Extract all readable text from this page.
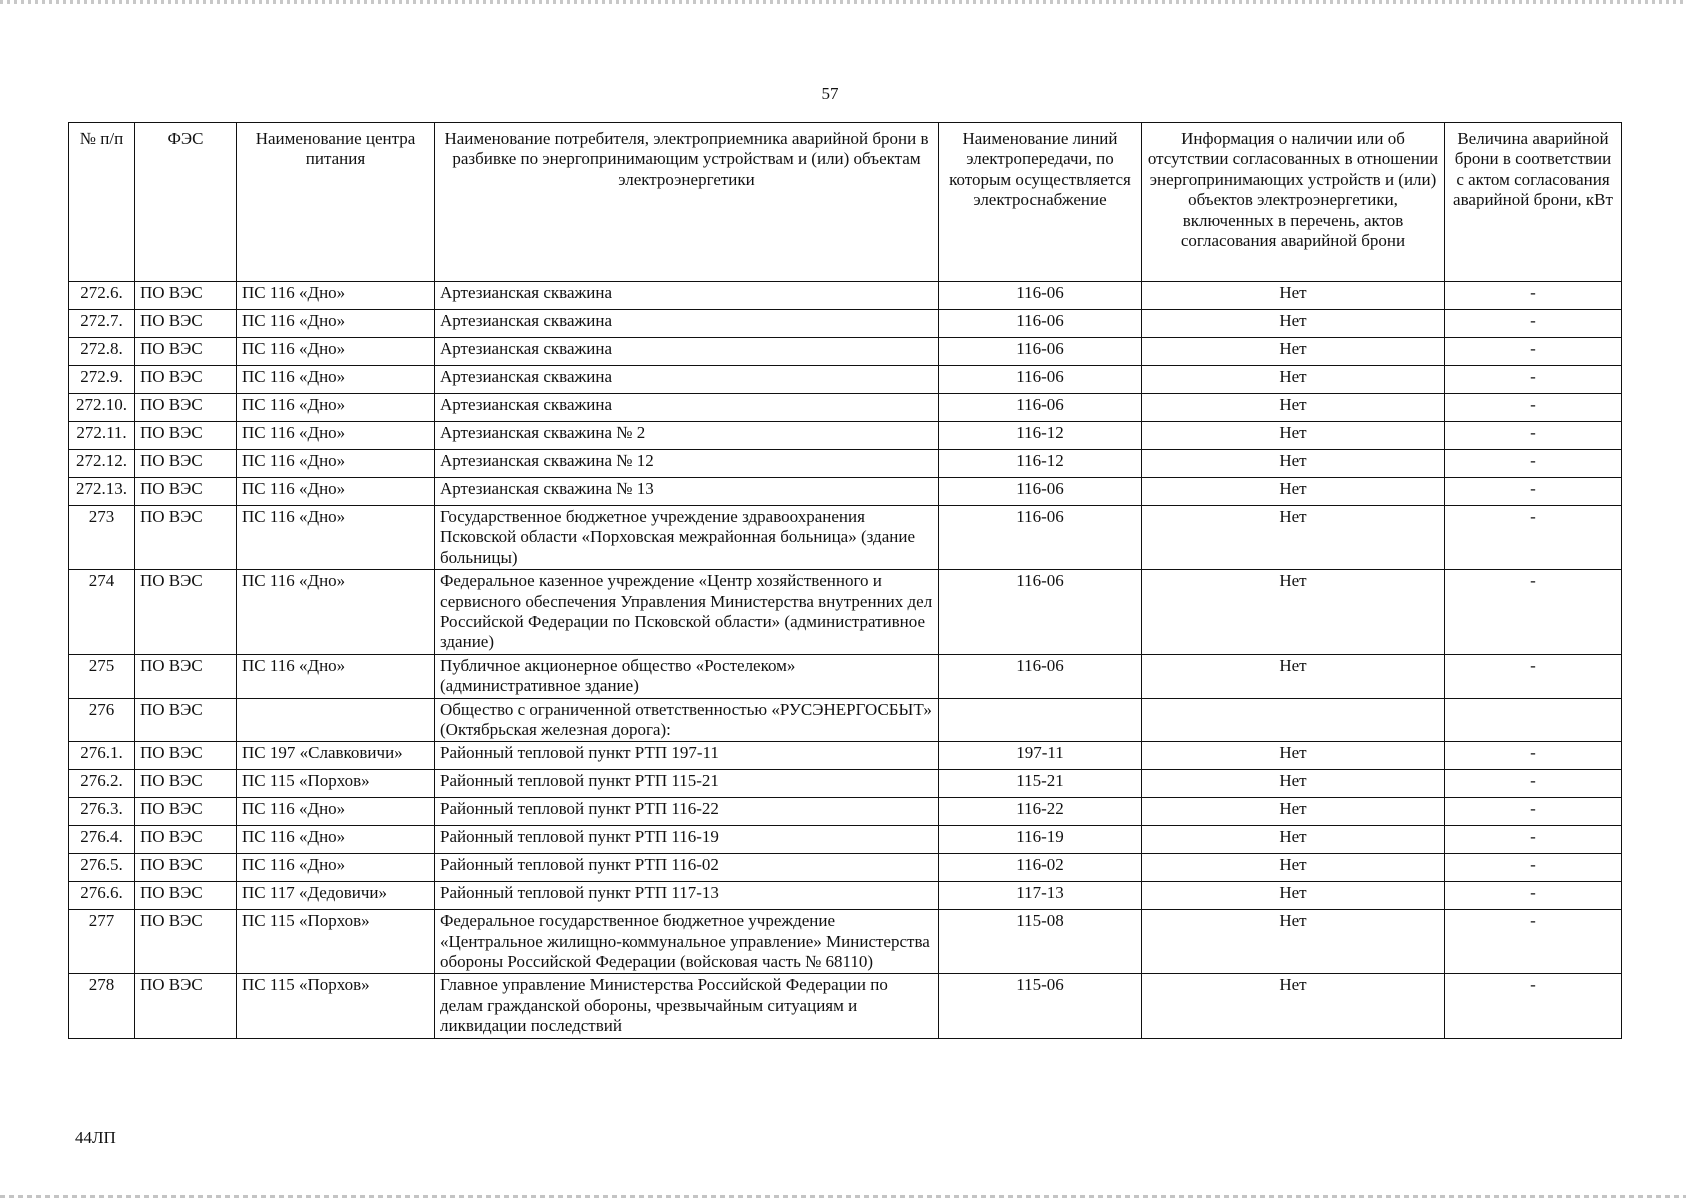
57
№ п/п	ФЭС	Наименование центра питания	Наименование потребителя, электроприемника аварийной брони в разбивке по энергопринимающим устройствам и (или) объектам электроэнергетики	Наименование линий электропередачи, по которым осуществляется электроснабжение	Информация о наличии или об отсутствии согласованных в отношении энергопринимающих устройств и (или) объектов электроэнергетики, включенных в перечень, актов согласования аварийной брони	Величина аварийной брони в соответствии с актом согласования аварийной брони, кВт
272.6.	ПО ВЭС	ПС 116 «Дно»	Артезианская скважина	116-06	Нет	-
272.7.	ПО ВЭС	ПС 116 «Дно»	Артезианская скважина	116-06	Нет	-
272.8.	ПО ВЭС	ПС 116 «Дно»	Артезианская скважина	116-06	Нет	-
272.9.	ПО ВЭС	ПС 116 «Дно»	Артезианская скважина	116-06	Нет	-
272.10.	ПО ВЭС	ПС 116 «Дно»	Артезианская скважина	116-06	Нет	-
272.11.	ПО ВЭС	ПС 116 «Дно»	Артезианская скважина № 2	116-12	Нет	-
272.12.	ПО ВЭС	ПС 116 «Дно»	Артезианская скважина № 12	116-12	Нет	-
272.13.	ПО ВЭС	ПС 116 «Дно»	Артезианская скважина № 13	116-06	Нет	-
273	ПО ВЭС	ПС 116 «Дно»	Государственное бюджетное учреждение здравоохранения Псковской области «Порховская межрайонная больница» (здание больницы)	116-06	Нет	-
274	ПО ВЭС	ПС 116 «Дно»	Федеральное казенное учреждение «Центр хозяйственного и сервисного обеспечения Управления Министерства внутренних дел Российской Федерации по Псковской области» (административное здание)	116-06	Нет	-
275	ПО ВЭС	ПС 116 «Дно»	Публичное акционерное общество «Ростелеком» (административное здание)	116-06	Нет	-
276	ПО ВЭС		Общество с ограниченной ответственностью «РУСЭНЕРГОСБЫТ» (Октябрьская железная дорога):			
276.1.	ПО ВЭС	ПС 197 «Славковичи»	Районный тепловой пункт РТП 197-11	197-11	Нет	-
276.2.	ПО ВЭС	ПС 115 «Порхов»	Районный тепловой пункт РТП 115-21	115-21	Нет	-
276.3.	ПО ВЭС	ПС 116 «Дно»	Районный тепловой пункт РТП 116-22	116-22	Нет	-
276.4.	ПО ВЭС	ПС 116 «Дно»	Районный тепловой пункт РТП 116-19	116-19	Нет	-
276.5.	ПО ВЭС	ПС 116 «Дно»	Районный тепловой пункт РТП 116-02	116-02	Нет	-
276.6.	ПО ВЭС	ПС 117 «Дедовичи»	Районный тепловой пункт РТП 117-13	117-13	Нет	-
277	ПО ВЭС	ПС 115 «Порхов»	Федеральное государственное бюджетное учреждение «Центральное жилищно-коммунальное управление» Министерства обороны Российской Федерации (войсковая часть № 68110)	115-08	Нет	-
278	ПО ВЭС	ПС 115 «Порхов»	Главное управление Министерства Российской Федерации по делам гражданской обороны, чрезвычайным ситуациям и ликвидации последствий	115-06	Нет	-
44ЛП
